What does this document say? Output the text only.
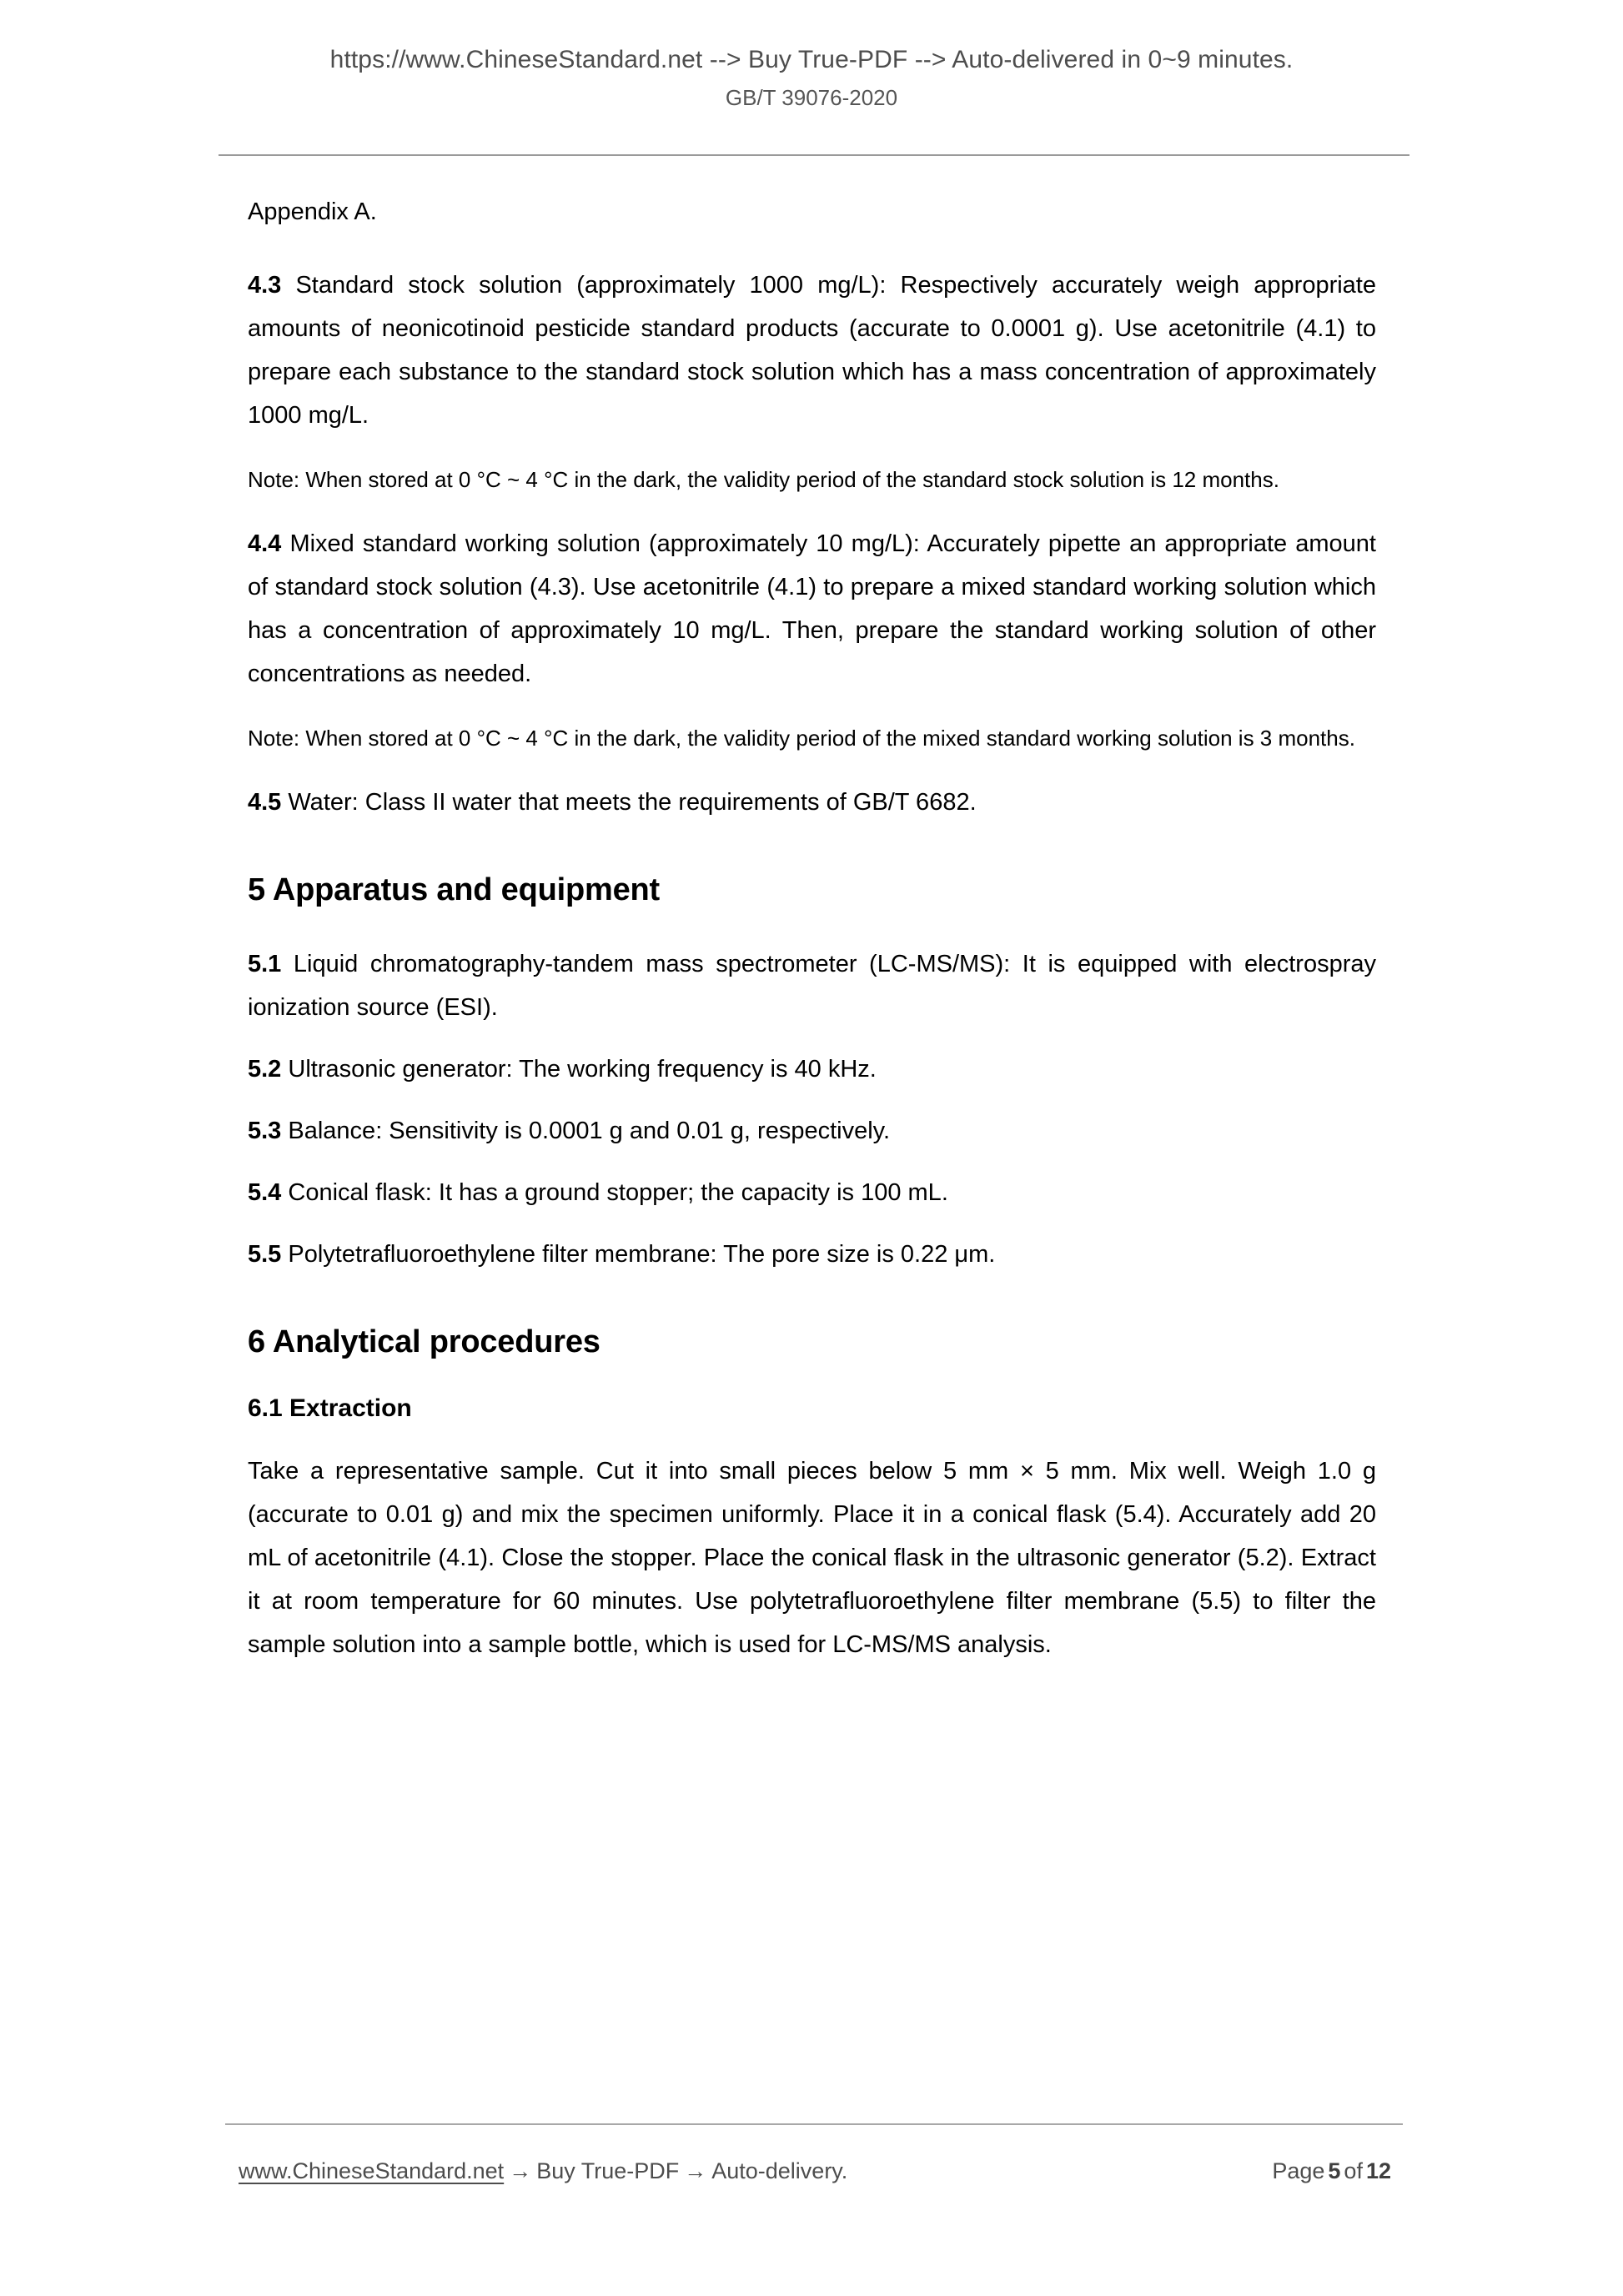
https://www.ChineseStandard.net --> Buy True-PDF --> Auto-delivered in 0~9 minutes.
GB/T 39076-2020

Appendix A.

4.3 Standard stock solution (approximately 1000 mg/L): Respectively accurately weigh appropriate amounts of neonicotinoid pesticide standard products (accurate to 0.0001 g). Use acetonitrile (4.1) to prepare each substance to the standard stock solution which has a mass concentration of approximately 1000 mg/L.

Note: When stored at 0 °C ~ 4 °C in the dark, the validity period of the standard stock solution is 12 months.

4.4 Mixed standard working solution (approximately 10 mg/L): Accurately pipette an appropriate amount of standard stock solution (4.3). Use acetonitrile (4.1) to prepare a mixed standard working solution which has a concentration of approximately 10 mg/L. Then, prepare the standard working solution of other concentrations as needed.

Note: When stored at 0 °C ~ 4 °C in the dark, the validity period of the mixed standard working solution is 3 months.

4.5 Water: Class II water that meets the requirements of GB/T 6682.

5 Apparatus and equipment

5.1 Liquid chromatography-tandem mass spectrometer (LC-MS/MS): It is equipped with electrospray ionization source (ESI).

5.2 Ultrasonic generator: The working frequency is 40 kHz.

5.3 Balance: Sensitivity is 0.0001 g and 0.01 g, respectively.

5.4 Conical flask: It has a ground stopper; the capacity is 100 mL.

5.5 Polytetrafluoroethylene filter membrane: The pore size is 0.22 μm.

6 Analytical procedures
6.1 Extraction

Take a representative sample. Cut it into small pieces below 5 mm × 5 mm. Mix well. Weigh 1.0 g (accurate to 0.01 g) and mix the specimen uniformly. Place it in a conical flask (5.4). Accurately add 20 mL of acetonitrile (4.1). Close the stopper. Place the conical flask in the ultrasonic generator (5.2). Extract it at room temperature for 60 minutes. Use polytetrafluoroethylene filter membrane (5.5) to filter the sample solution into a sample bottle, which is used for LC-MS/MS analysis.

www.ChineseStandard.net → Buy True-PDF → Auto-delivery.	Page 5 of 12
